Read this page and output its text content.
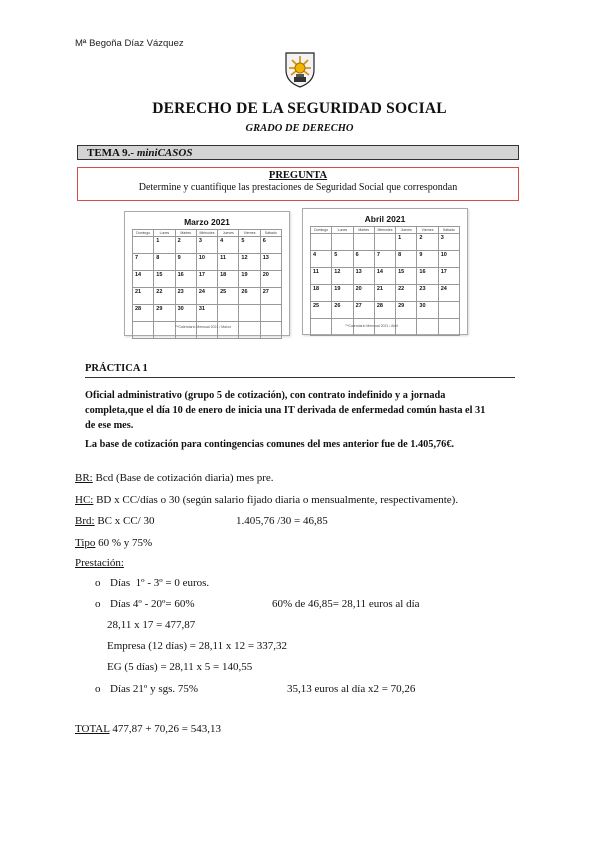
Mª Begoña Díaz Vázquez
DERECHO DE LA SEGURIDAD SOCIAL
GRADO DE DERECHO
TEMA 9.- miniCASOS
PREGUNTA
Determine y cuantifique las prestaciones de Seguridad Social que correspondan
Marzo 2021
Domingo	Lunes	Martes	Miércoles	Jueves	Viernes	Sábado
	1	2	3	4	5	6
7	8	9	10	11	12	13
14	15	16	17	18	19	20
21	22	23	24	25	26	27
28	29	30	31			

™Calendario Mensual 2021 / Marzo
Abril 2021
Domingo	Lunes	Martes	Miércoles	Jueves	Viernes	Sábado
				1	2	3
4	5	6	7	8	9	10
11	12	13	14	15	16	17
18	19	20	21	22	23	24
25	26	27	28	29	30	

™Calendario Mensual 2021 / Abril
PRÁCTICA 1
Oficial administrativo (grupo 5 de cotización), con contrato indefinido y a jornada
completa,que el día 10 de enero de inicia una IT derivada de enfermedad común hasta el 31
de ese mes.
La base de cotización para contingencias comunes del mes anterior fue de 1.405,76€.
BR: Bcd (Base de cotización diaria) mes pre.
HC: BD x CC/días o 30 (según salario fijado diaria o mensualmente, respectivamente).
Brd: BC x CC/ 30	1.405,76 /30 = 46,85
Tipo 60 % y 75%
Prestación:
o Días  1º - 3º = 0 euros.
o Días 4º - 20º= 60%	60% de 46,85= 28,11 euros al día
28,11 x 17 = 477,87
Empresa (12 días) = 28,11 x 12 = 337,32
EG (5 días) = 28,11 x 5 = 140,55
o Días 21º y sgs. 75%	35,13 euros al día x2 = 70,26
TOTAL 477,87 + 70,26 = 543,13
